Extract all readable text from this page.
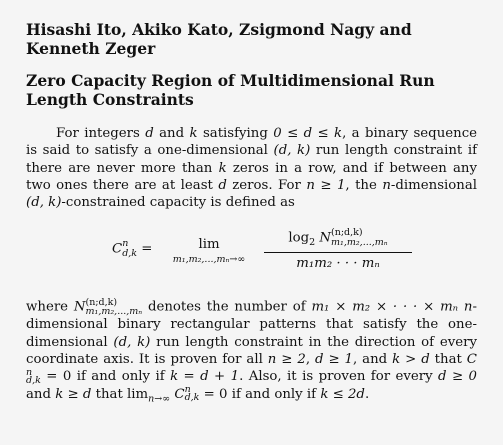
Hisashi Ito, Akiko Kato, Zsigmond Nagy and Kenneth Zeger
Zero Capacity Region of Multidimensional Run Length Constraints

For integers d and k satisfying 0 ≤ d ≤ k, a binary sequence is said to satisfy a one-dimensional (d, k) run length constraint if there are never more than k zeros in a row, and if between any two ones there are at least d zeros. For n ≥ 1, the n-dimensional (d, k)-constrained capacity is defined as

Cn
d,k =	lim
m₁,m₂,...,mₙ→∞
$\log_2$ N(n;d,k)
m₁,m₂,...,mₙ
m₁m₂ · · · mₙ

where N(n;d,k)
m₁,m₂,...,mₙ denotes the number of m₁ × m₂ × · · · × mₙ n-dimensional binary rectangular patterns that satisfy the one-dimensional (d, k) run length constraint in the direction of every coordinate axis. It is proven for all n ≥ 2, d ≥ 1, and k > d that Cn
d,k = 0 if and only if k = d + 1. Also, it is proven for every d ≥ 0 and k ≥ d that $\lim_{n\to\infty} Cn$
d,k = 0 if and only if k ≤ 2d.
